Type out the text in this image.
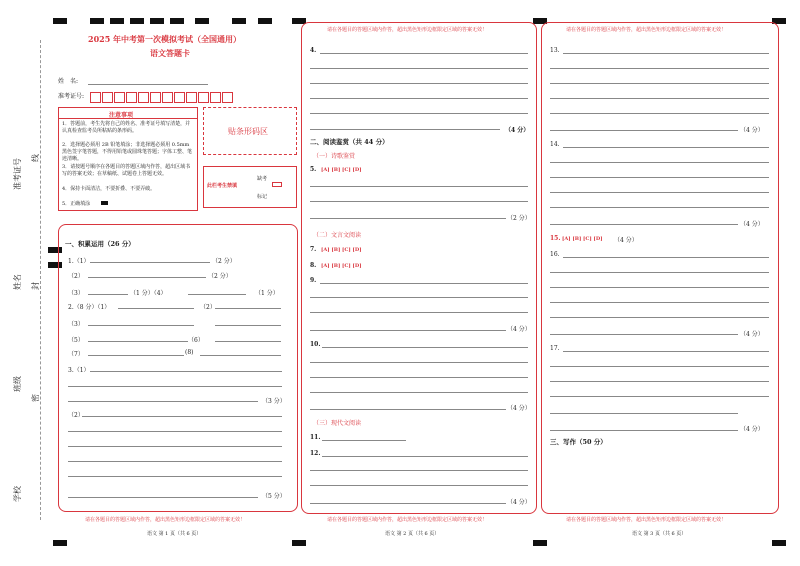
准考证号 线
姓名 封
班级
密
学校
2025 年中考第一次模拟考试（全国通用）
语文答题卡
姓　名:
准考证号:
注意事项
1．答题前，考生先将自己的姓名、准考证号填写清楚，并认真检查监考员所粘贴的条形码。
2．选择题必须用 2B 铅笔填涂；非选择题必须用 0.5mm 黑色签字笔答题，不得用铅笔或圆珠笔答题；字体工整、笔迹清晰。
3．请按题号顺序在各题目的答题区域内作答，超出区域书写的答案无效；在草稿纸、试题卷上答题无效。
4．保持卡面清洁，不要折叠、不要弄破。
5．正确填涂
贴条形码区
此栏考生禁填
缺考
标记
一、积累运用（26 分）
1.（1）	（2 分）
（2）	（2 分）
（3）	（1 分）（4）	（1 分）
2.（8 分）（1）	（2）
（3）
（5）	（6）
（7）	(8)
3.（1）
（3 分）
（2）
（5 分）
请在各题目的答题区域内作答，超出黑色矩形边框限定区域的答案无效！
语文 第 1 页（共 6 页）
请在各题目的答题区域内作答，超出黑色矩形边框限定区域的答案无效！
4.
（4 分）
二、阅读鉴赏（共 44 分）
（一）诗歌鉴赏
5. [A] [B] [C] [D]
（2 分）
（二）文言文阅读
7. [A] [B] [C] [D]
8. [A] [B] [C] [D]
9.
（4 分）
10.
（4 分）
（三）现代文阅读
11.
12.
（4 分）
请在各题目的答题区域内作答，超出黑色矩形边框限定区域的答案无效！
语文 第 2 页（共 6 页）
请在各题目的答题区域内作答，超出黑色矩形边框限定区域的答案无效！
13.
（4 分）
14.
（4 分）
15. [A] [B] [C] [D] （4 分）
16.
（4 分）
17.
（4 分）
三、写作（50 分）
请在各题目的答题区域内作答，超出黑色矩形边框限定区域的答案无效！
语文 第 3 页（共 6 页）
